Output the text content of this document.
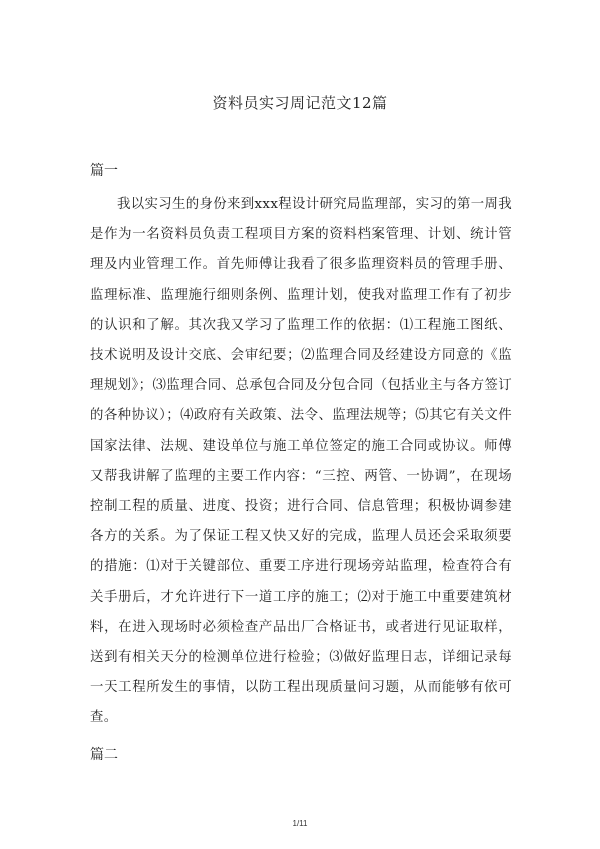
资料员实习周记范文12篇
篇一

我以实习生的身份来到xxx程设计研究局监理部，实习的第一周我是作为一名资料员负责工程项目方案的资料档案管理、计划、统计管理及内业管理工作。首先师傅让我看了很多监理资料员的管理手册、监理标准、监理施行细则条例、监理计划，使我对监理工作有了初步的认识和了解。其次我又学习了监理工作的依据：⑴工程施工图纸、技术说明及设计交底、会审纪要；⑵监理合同及经建设方同意的《监理规划》；⑶监理合同、总承包合同及分包合同（包括业主与各方签订的各种协议）；⑷政府有关政策、法令、监理法规等；⑸其它有关文件国家法律、法规、建设单位与施工单位签定的施工合同或协议。师傅又帮我讲解了监理的主要工作内容：“三控、两管、一协调”，在现场控制工程的质量、进度、投资；进行合同、信息管理；积极协调参建各方的关系。为了保证工程又快又好的完成，监理人员还会采取须要的措施：⑴对于关键部位、重要工序进行现场旁站监理，检查符合有关手册后，才允许进行下一道工序的施工；⑵对于施工中重要建筑材料，在进入现场时必须检查产品出厂合格证书，或者进行见证取样，送到有相关天分的检测单位进行检验；⑶做好监理日志，详细记录每一天工程所发生的事情，以防工程出现质量问习题，从而能够有依可查。

篇二
1/11
